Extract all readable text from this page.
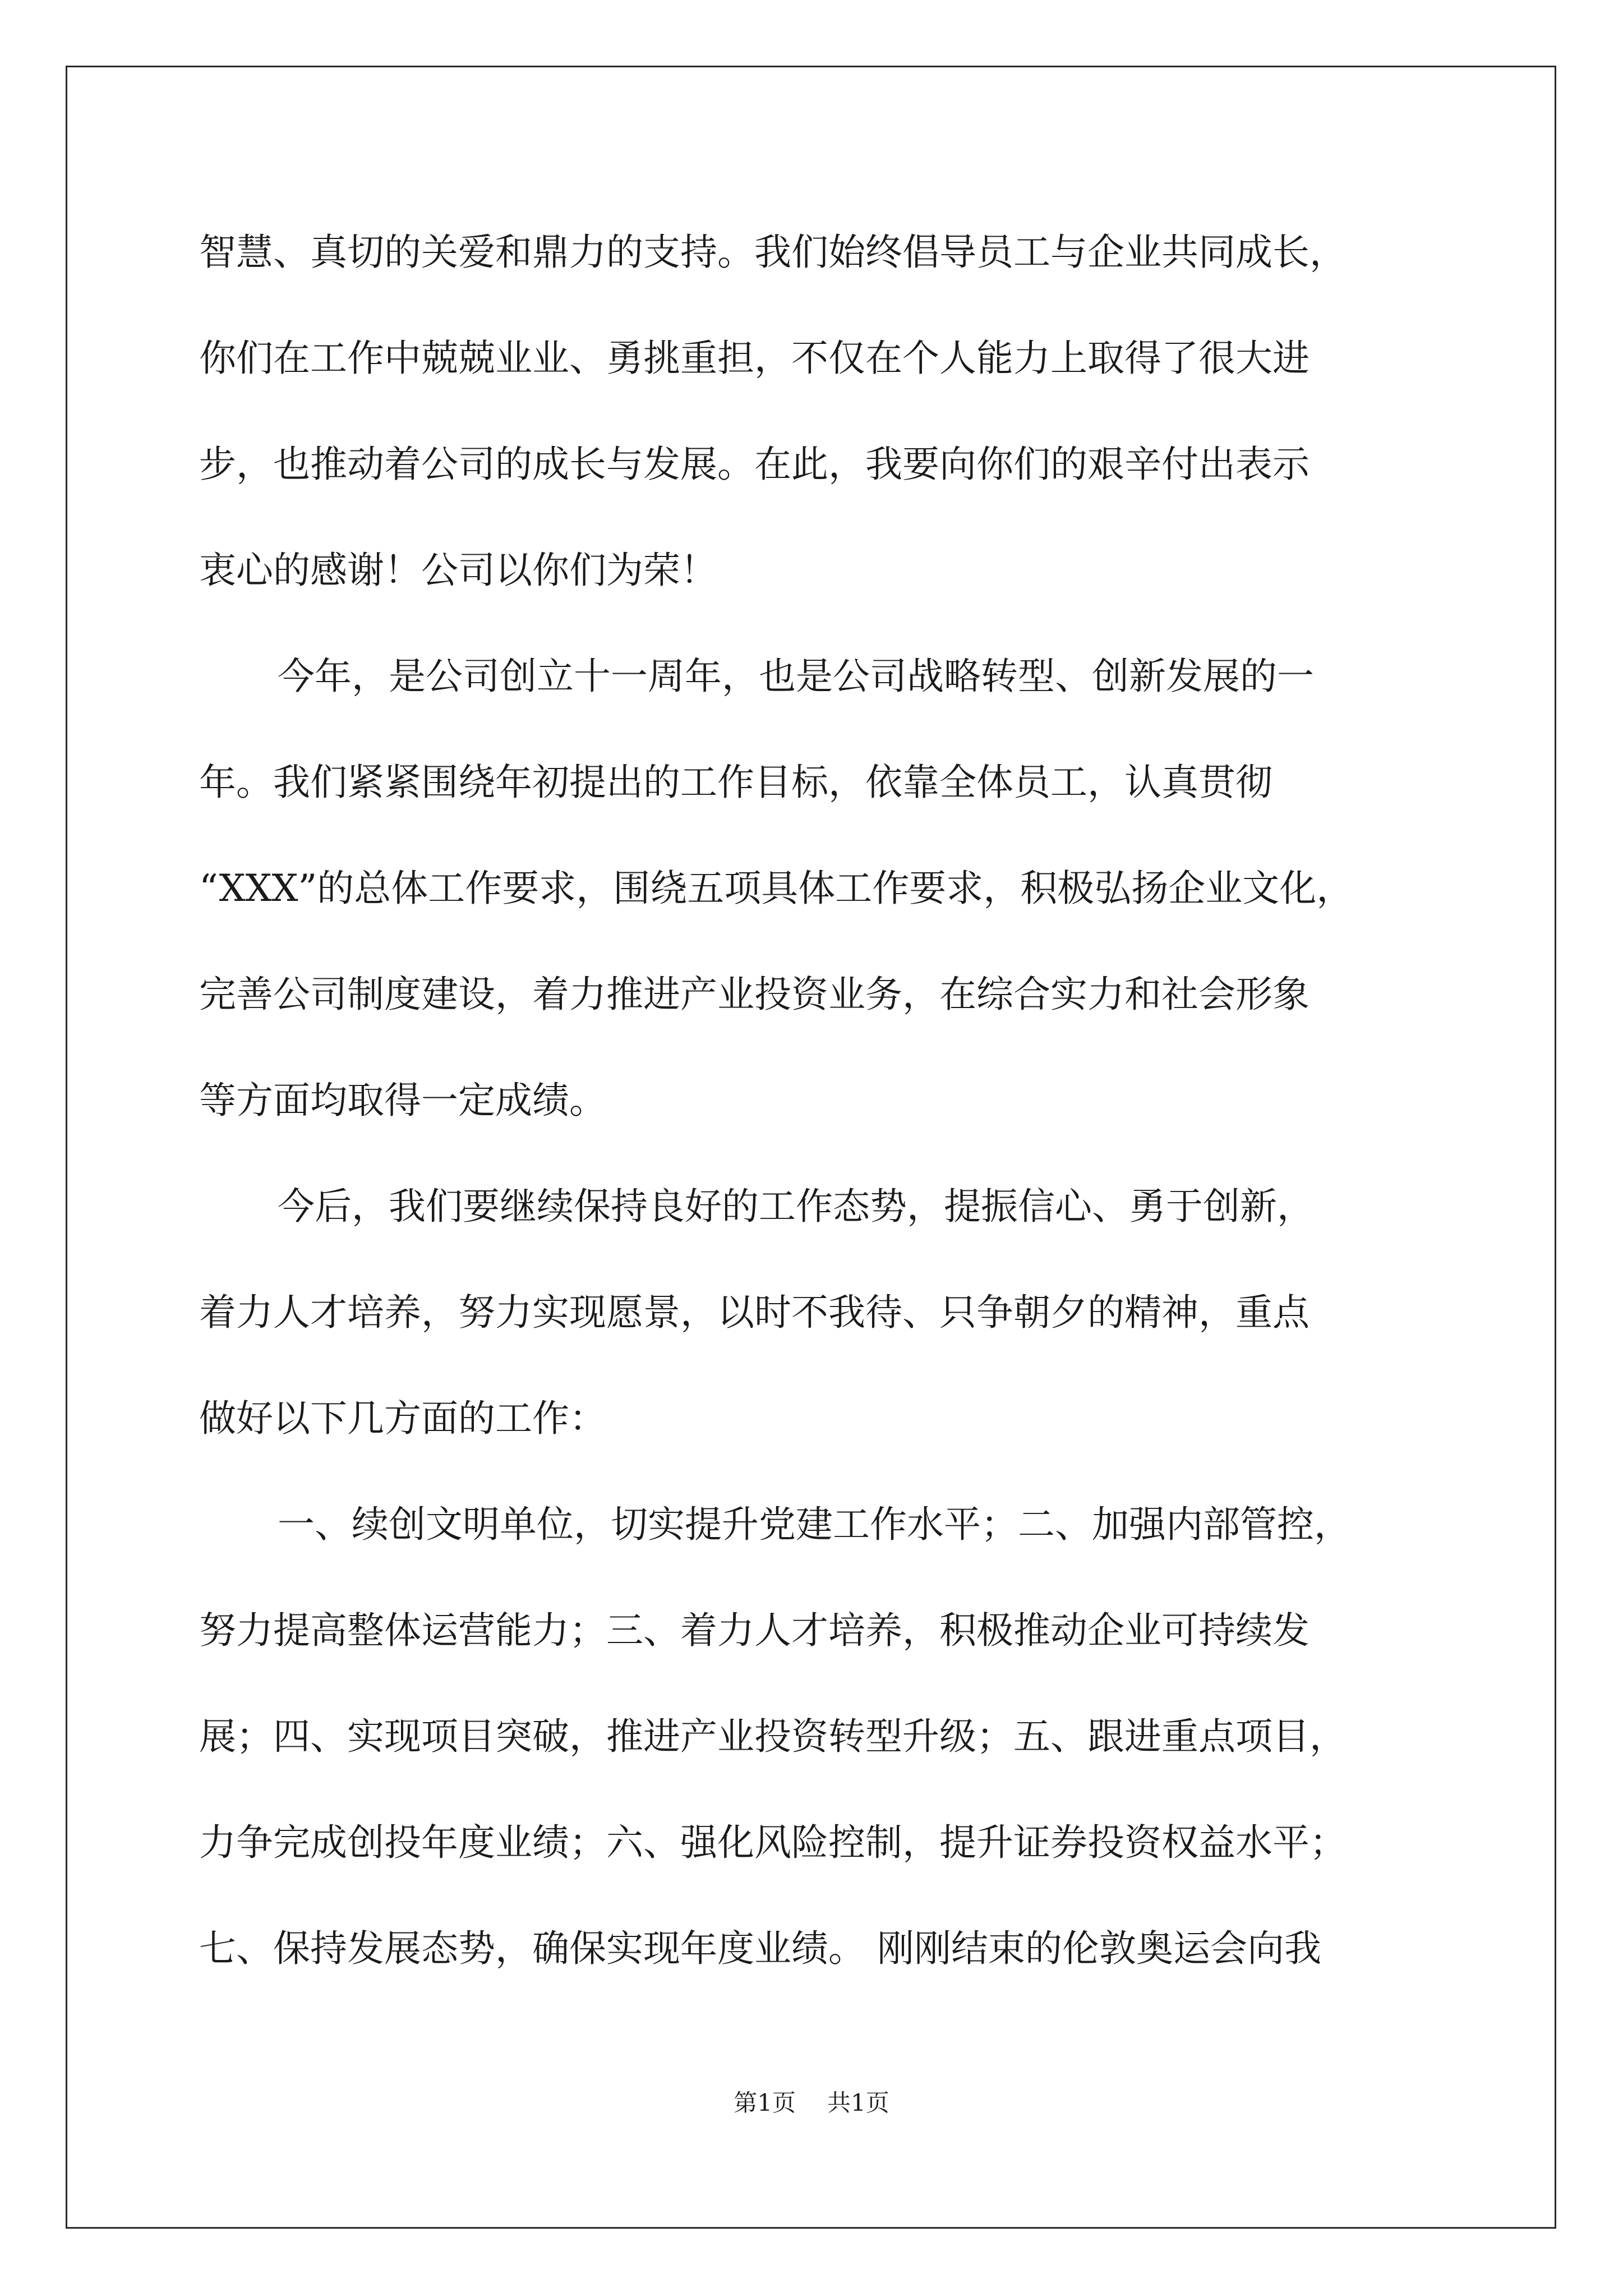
智慧、真切的关爱和鼎力的支持。我们始终倡导员工与企业共同成长，
你们在工作中兢兢业业、勇挑重担，不仅在个人能力上取得了很大进
步，也推动着公司的成长与发展。在此，我要向你们的艰辛付出表示
衷心的感谢！公司以你们为荣！
今年，是公司创立十一周年，也是公司战略转型、创新发展的一
年。我们紧紧围绕年初提出的工作目标，依靠全体员工，认真贯彻
“XXX”的总体工作要求，围绕五项具体工作要求，积极弘扬企业文化，
完善公司制度建设，着力推进产业投资业务，在综合实力和社会形象
等方面均取得一定成绩。
今后，我们要继续保持良好的工作态势，提振信心、勇于创新，
着力人才培养，努力实现愿景，以时不我待、只争朝夕的精神，重点
做好以下几方面的工作：
一、续创文明单位，切实提升党建工作水平；二、加强内部管控，
努力提高整体运营能力；三、着力人才培养，积极推动企业可持续发
展；四、实现项目突破，推进产业投资转型升级；五、跟进重点项目，
力争完成创投年度业绩；六、强化风险控制，提升证券投资权益水平；
七、保持发展态势，确保实现年度业绩。 刚刚结束的伦敦奥运会向我
第1页 共1页
